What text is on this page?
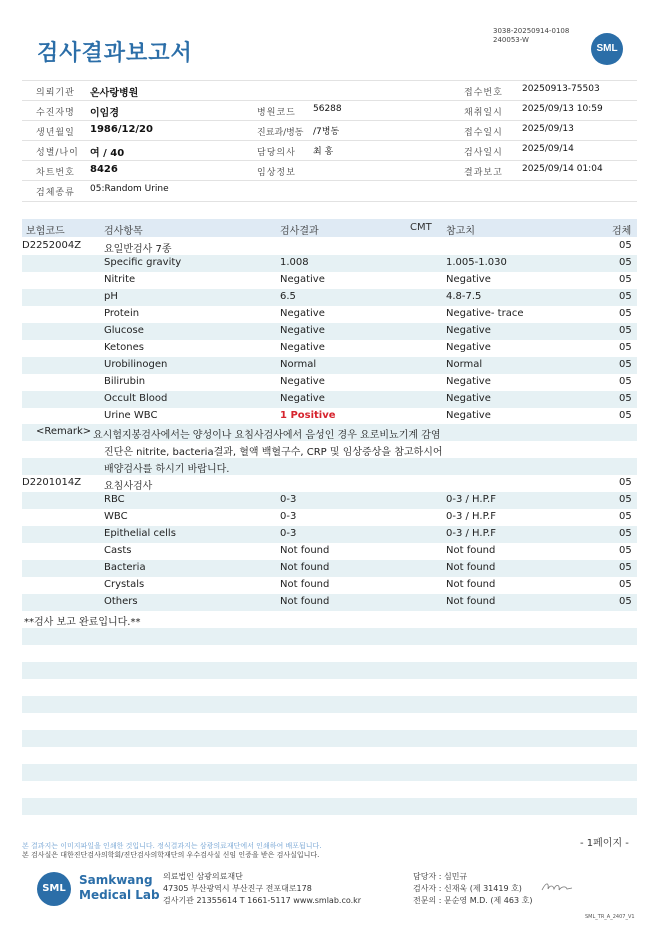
검사결과보고서
3038-20250914-0108
240053-W
SML
의뢰기관 온사랑병원	접수번호 20250913-75503
수진자명 이임경	병원코드 56288	채취일시 2025/09/13 10:59
생년월일 1986/12/20	진료과/병동 /7병동	접수일시 2025/09/13
성별/나이 여 / 40	담당의사 최 홍	검사일시 2025/09/14
차트번호 8426	임상정보	결과보고 2025/09/14 01:04
검체종류 05:Random Urine
보험코드	검사항목	검사결과	CMT 참고치	검체
D2252004Z 요일반검사 7종	05
Specific gravity	1.008	1.005-1.030	05
Nitrite	Negative	Negative	05
pH	6.5	4.8-7.5	05
Protein	Negative	Negative- trace	05
Glucose	Negative	Negative	05
Ketones	Negative	Negative	05
Urobilinogen	Normal	Normal	05
Bilirubin	Negative	Negative	05
Occult Blood	Negative	Negative	05
Urine WBC	1 Positive	Negative	05
<Remark> 요시험지봉검사에서는 양성이나 요침사검사에서 음성인 경우 요로비뇨기계 감염
진단은 nitrite, bacteria결과, 혈액 백혈구수, CRP 및 임상증상을 참고하시어
배양검사를 하시기 바랍니다.
D2201014Z 요침사검사	05
RBC	0-3	0-3 / H.P.F	05
WBC	0-3	0-3 / H.P.F	05
Epithelial cells	0-3	0-3 / H.P.F	05
Casts	Not found	Not found	05
Bacteria	Not found	Not found	05
Crystals	Not found	Not found	05
Others	Not found	Not found	05
**검사 보고 완료입니다.**
- 1페이지 -
본 결과지는 이미지파일을 인쇄한 것입니다. 정식결과지는 삼광의료재단에서 인쇄하여 배포됩니다.
본 검사실은 대한진단검사의학회/진단검사의학재단의 우수검사실 신임 인증을 받은 검사실입니다.
SML
Samkwang
Medical Lab
의료법인 삼광의료재단
47305 부산광역시 부산진구 전포대로178
검사기관 21355614 T 1661-5117 www.smlab.co.kr
담당자 : 심민규
검사자 : 신재욱 (제 31419 호)
전문의 : 문순영 M.D. (제 463 호)
SML_TR_A_2407_V1
